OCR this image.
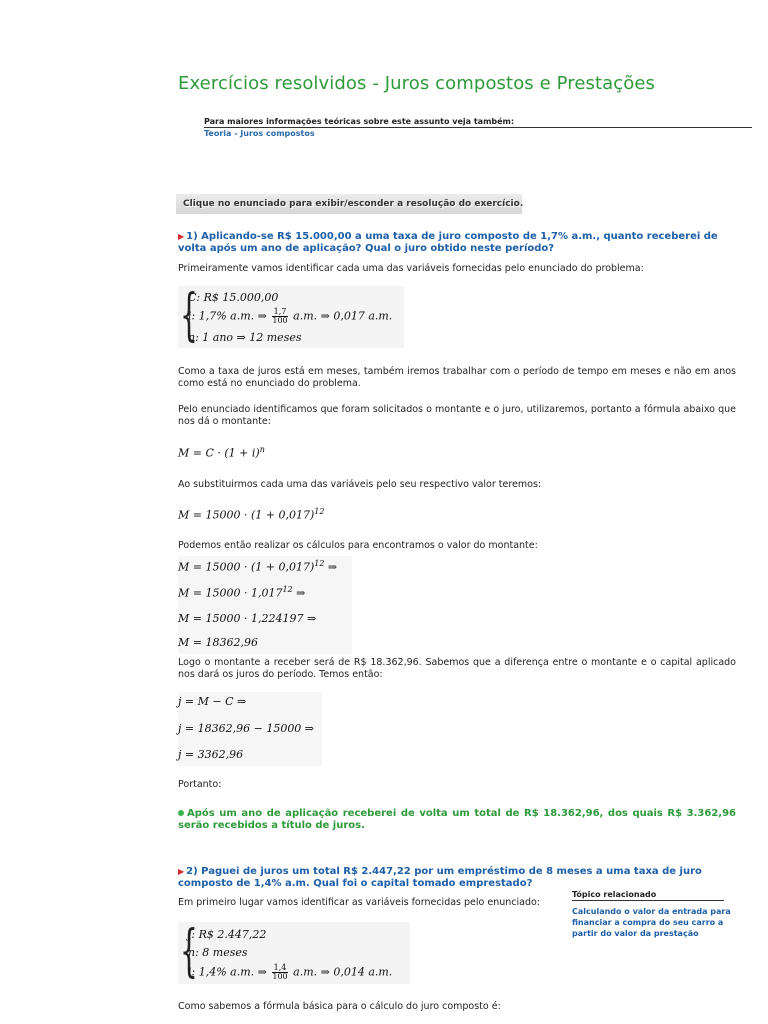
Exercícios resolvidos - Juros compostos e Prestações
Para maiores informações teóricas sobre este assunto veja também:
Teoria - Juros compostos
Clique no enunciado para exibir/esconder a resolução do exercício.
▶ 1) Aplicando-se R$ 15.000,00 a uma taxa de juro composto de 1,7% a.m., quanto receberei de volta após um ano de aplicação? Qual o juro obtido neste período?
Primeiramente vamos identificar cada uma das variáveis fornecidas pelo enunciado do problema:
{
C: R$ 15.000,00
i: 1,7% a.m. ⇒ $\frac{1,7}{100} a.m$. ⇒ 0,017 a.m.
n: 1 ano ⇒ 12 meses
Como a taxa de juros está em meses, também iremos trabalhar com o período de tempo em meses e não em anos como está no enunciado do problema.
Pelo enunciado identificamos que foram solicitados o montante e o juro, utilizaremos, portanto a fórmula abaixo que nos dá o montante:
$M = C \cdot (1 + i)^n$
Ao substituirmos cada uma das variáveis pelo seu respectivo valor teremos:
$M = 15000 \cdot (1 + 0,017)^{12}$
Podemos então realizar os cálculos para encontramos o valor do montante:
$M = 15000 \cdot (1 + 0,017)^{12}$ ⇒
$M = 15000 \cdot 1,017^{12}$ ⇒
M = 15000 · 1,224197 ⇒
M = 18362,96
Logo o montante a receber será de R$ 18.362,96. Sabemos que a diferença entre o montante e o capital aplicado nos dará os juros do período. Temos então:
j = M − C ⇒
j = 18362,96 − 15000 ⇒
j = 3362,96
Portanto:
Após um ano de aplicação receberei de volta um total de R$ 18.362,96, dos quais R$ 3.362,96 serão recebidos a título de juros.
▶ 2) Paguei de juros um total R$ 2.447,22 por um empréstimo de 8 meses a uma taxa de juro composto de 1,4% a.m. Qual foi o capital tomado emprestado?
Tópico relacionado
Calculando o valor da entrada para financiar a compra do seu carro a partir do valor da prestação
Em primeiro lugar vamos identificar as variáveis fornecidas pelo enunciado:
{
j: R$ 2.447,22
n: 8 meses
i: 1,4% a.m. ⇒ $\frac{1,4}{100} a.m$. ⇒ 0,014 a.m.
Como sabemos a fórmula básica para o cálculo do juro composto é:
